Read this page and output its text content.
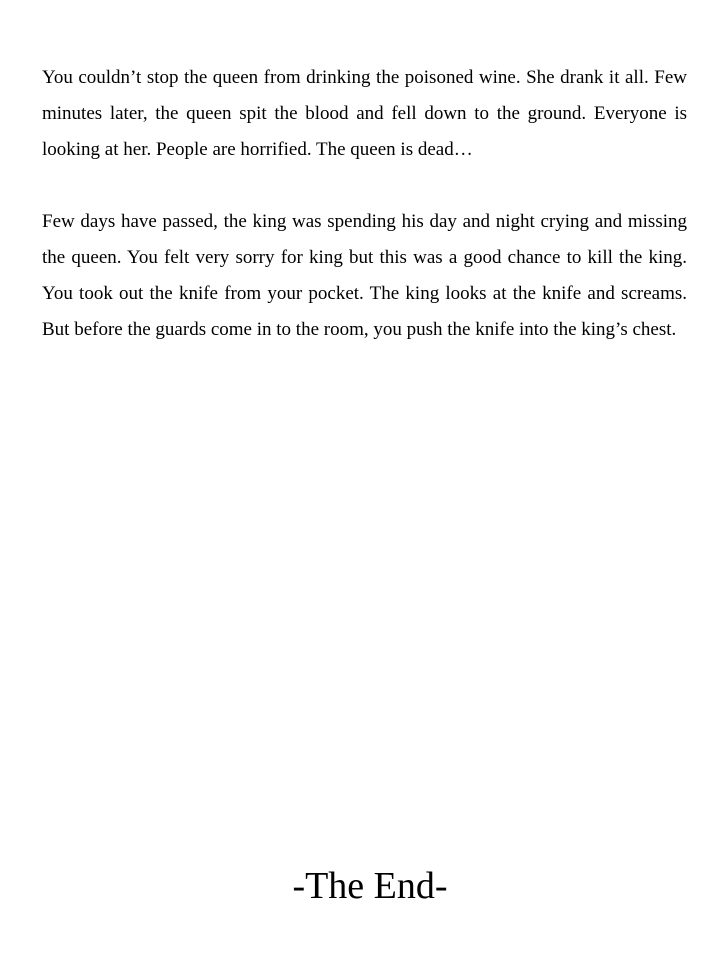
You couldn’t stop the queen from drinking the poisoned wine. She drank it all. Few minutes later, the queen spit the blood and fell down to the ground. Everyone is looking at her. People are horrified. The queen is dead…

Few days have passed, the king was spending his day and night crying and missing the queen. You felt very sorry for king but this was a good chance to kill the king. You took out the knife from your pocket. The king looks at the knife and screams. But before the guards come in to the room, you push the knife into the king’s chest.

-The End-
